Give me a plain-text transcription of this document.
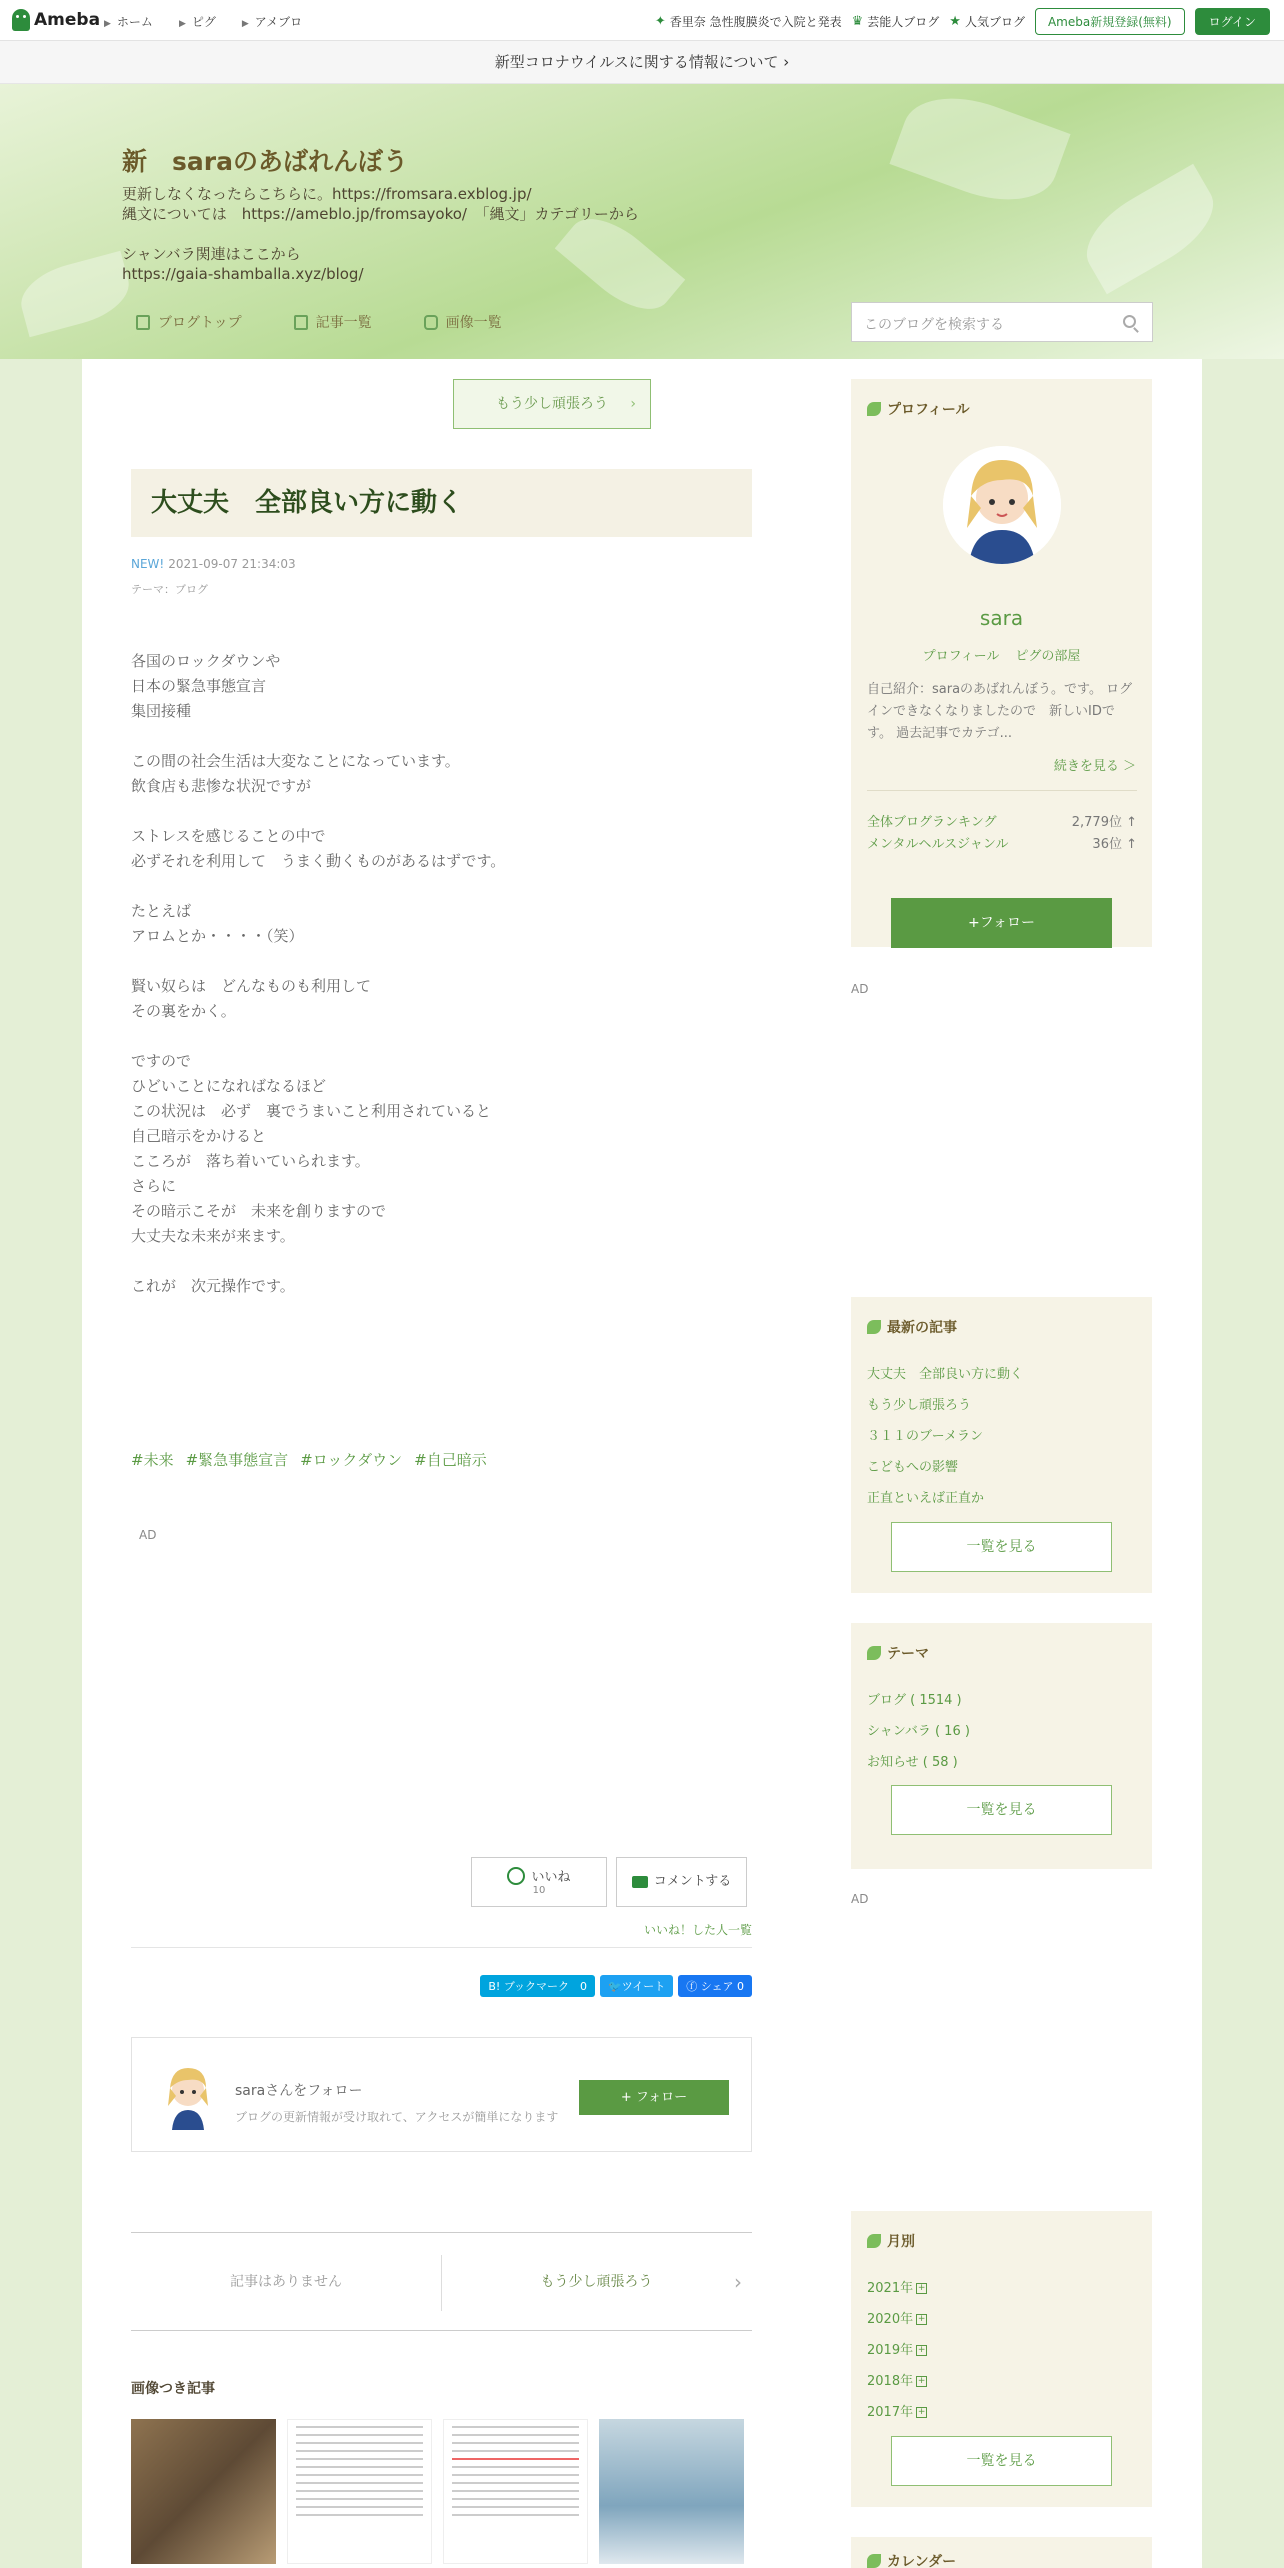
Ameba ▶ ホーム	▶ ピグ	▶ アメブロ	✦ 香里奈 急性腹膜炎で入院と発表 ♛ 芸能人ブログ ★ 人気ブログ	Ameba新規登録(無料)	ログイン
新型コロナウイルスに関する情報について ›
新　saraのあばれんぼう
更新しなくなったらこちらに。https://fromsara.exblog.jp/
縄文については　https://ameblo.jp/fromsayoko/　「縄文」カテゴリーから
シャンバラ関連はここから
https://gaia-shamballa.xyz/blog/
ブログトップ	記事一覧	画像一覧	このブログを検索する
もう少し頑張ろう ›
大丈夫　全部良い方に動く
NEW! 2021-09-07 21:34:03
テーマ：ブログ
各国のロックダウンや
日本の緊急事態宣言
集団接種
この間の社会生活は大変なことになっています。
飲食店も悲惨な状況ですが
ストレスを感じることの中で
必ずそれを利用して　うまく動くものがあるはずです。
たとえば
アロムとか・・・・（笑）
賢い奴らは　どんなものも利用して
その裏をかく。
ですので
ひどいことになればなるほど
この状況は　必ず　裏でうまいこと利用されていると
自己暗示をかけると
こころが　落ち着いていられます。
さらに
その暗示こそが　未来を創りますので
大丈夫な未来が来ます。
これが　次元操作です。
#未来 #緊急事態宣言 #ロックダウン #自己暗示
AD
いいね
10
コメントする
いいね！した人一覧
B! ブックマーク　0	🐦ツイート	ⓕ シェア 0
saraさんをフォロー
ブログの更新情報が受け取れて、アクセスが簡単になります
+ フォロー
記事はありません	もう少し頑張ろう	›
画像つき記事
プロフィール
sara
プロフィール ピグの部屋
自己紹介：saraのあばれんぼう。です。 ログインできなくなりましたので　新しいIDです。 過去記事でカテゴ...
続きを見る ＞
全体ブログランキング	2,779位 ↑
メンタルヘルスジャンル	36位 ↑
+フォロー
AD
最新の記事
大丈夫　全部良い方に動く
もう少し頑張ろう
３１１のブーメラン
こどもへの影響
正直といえば正直か
一覧を見る
テーマ
ブログ ( 1514 )
シャンバラ ( 16 )
お知らせ ( 58 )
一覧を見る
AD
月別
2021年 +
2020年 +
2019年 +
2018年 +
2017年 +
一覧を見る
カレンダー
